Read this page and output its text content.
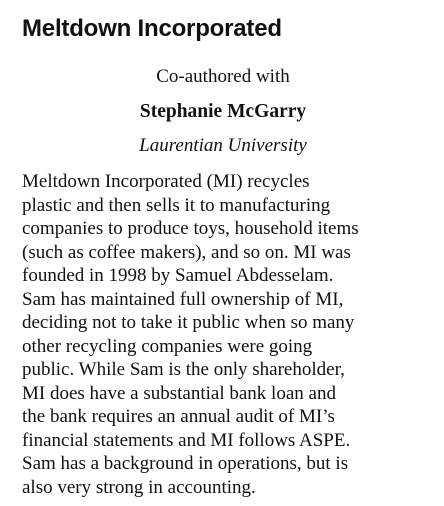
Meltdown Incorporated
Co-authored with
Stephanie McGarry
Laurentian University

Meltdown Incorporated (MI) recycles
plastic and then sells it to manufacturing
companies to produce toys, household items
(such as coffee makers), and so on. MI was
founded in 1998 by Samuel Abdesselam.
Sam has maintained full ownership of MI,
deciding not to take it public when so many
other recycling companies were going
public. While Sam is the only shareholder,
MI does have a substantial bank loan and
the bank requires an annual audit of MI’s
financial statements and MI follows ASPE.
Sam has a background in operations, but is
also very strong in accounting.
